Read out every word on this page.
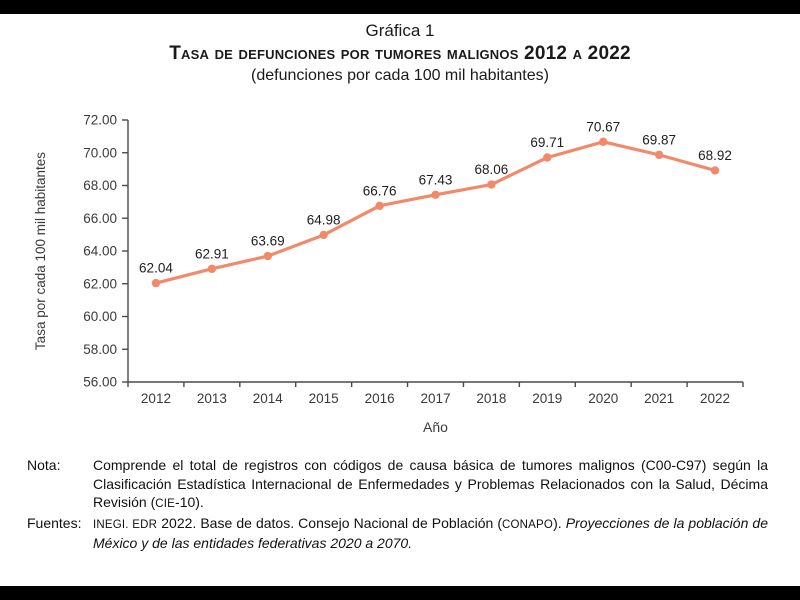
Gráfica 1
Tasa de defunciones por tumores malignos 2012 a 2022
(defunciones por cada 100 mil habitantes)
56.00
58.00
60.00
62.00
64.00
66.00
68.00
70.00
72.00
2012 2013 2014 2015 2016 2017 2018 2019 2020 2021 2022
62.04
62.91
63.69
64.98
66.76
67.43
68.06
69.71
70.67
69.87
68.92
Tasa por cada 100 mil habitantes
Año
Nota:	Comprende el total de registros con códigos de causa básica de tumores malignos (C00-C97) según la Clasificación Estadística Internacional de Enfermedades y Problemas Relacionados con la Salud, Décima Revisión (CIE-10).
Fuentes:	INEGI. EDR 2022. Base de datos. Consejo Nacional de Población (CONAPO). Proyecciones de la población de México y de las entidades federativas 2020 a 2070.
